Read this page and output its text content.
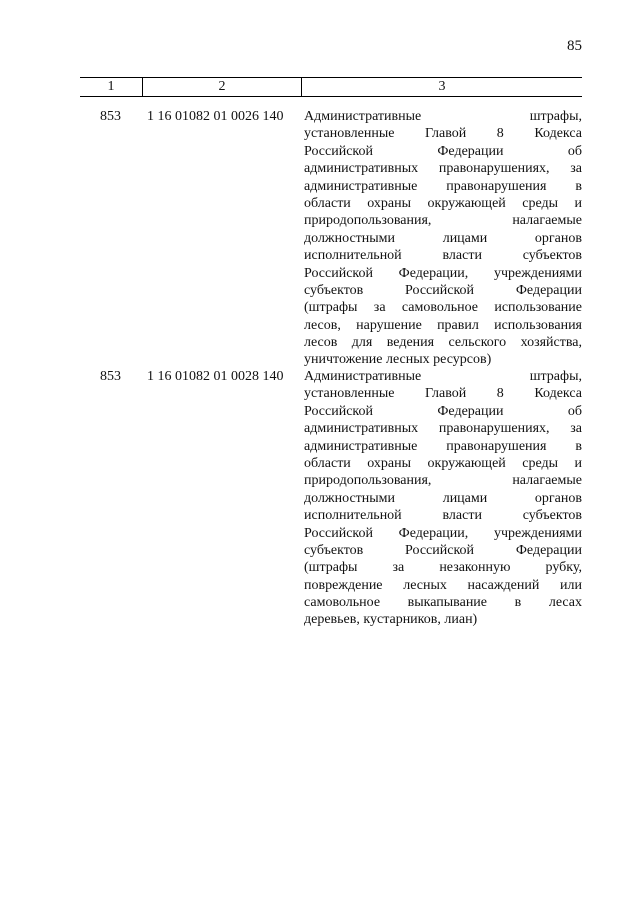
85
1	2	3
853 1 16 01082 01 0026 140 Административные штрафы,
установленные Главой 8 Кодекса
Российской Федерации об
административных правонарушениях, за
административные правонарушения в
области охраны окружающей среды и
природопользования, налагаемые
должностными лицами органов
исполнительной власти субъектов
Российской Федерации, учреждениями
субъектов Российской Федерации
(штрафы за самовольное использование
лесов, нарушение правил использования
лесов для ведения сельского хозяйства,
уничтожение лесных ресурсов)
853 1 16 01082 01 0028 140 Административные штрафы,
установленные Главой 8 Кодекса
Российской Федерации об
административных правонарушениях, за
административные правонарушения в
области охраны окружающей среды и
природопользования, налагаемые
должностными лицами органов
исполнительной власти субъектов
Российской Федерации, учреждениями
субъектов Российской Федерации
(штрафы за незаконную рубку,
повреждение лесных насаждений или
самовольное выкапывание в лесах
деревьев, кустарников, лиан)
